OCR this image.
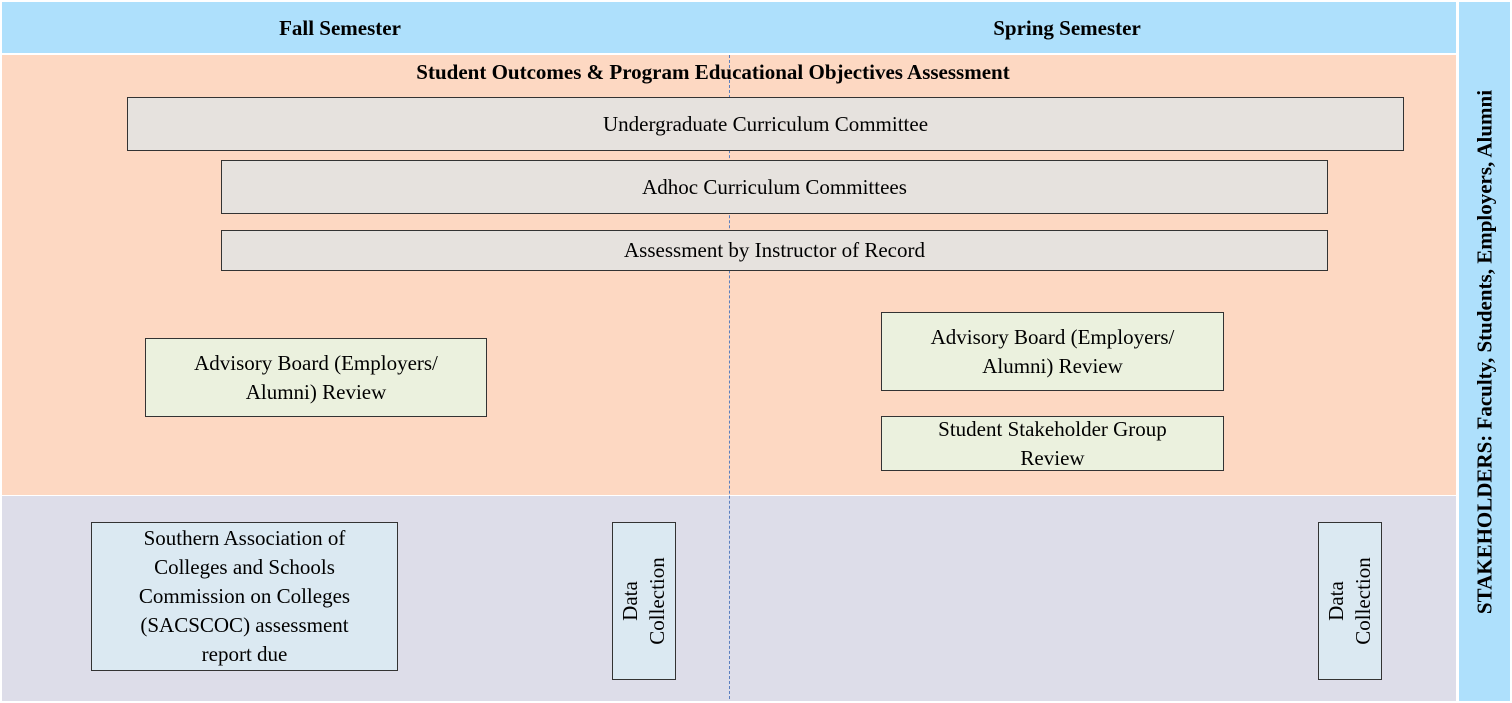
Fall Semester	Spring Semester
STAKEHOLDERS: Faculty, Students, Employers, Alumni
Student Outcomes & Program Educational Objectives Assessment
Undergraduate Curriculum Committee
Adhoc Curriculum Committees
Assessment by Instructor of Record
Advisory Board (Employers/
Alumni) Review
Advisory Board (Employers/
Alumni) Review
Student Stakeholder Group
Review
Southern Association of
Colleges and Schools
Commission on Colleges
(SACSCOC) assessment
report due
Data Collection	Data Collection
